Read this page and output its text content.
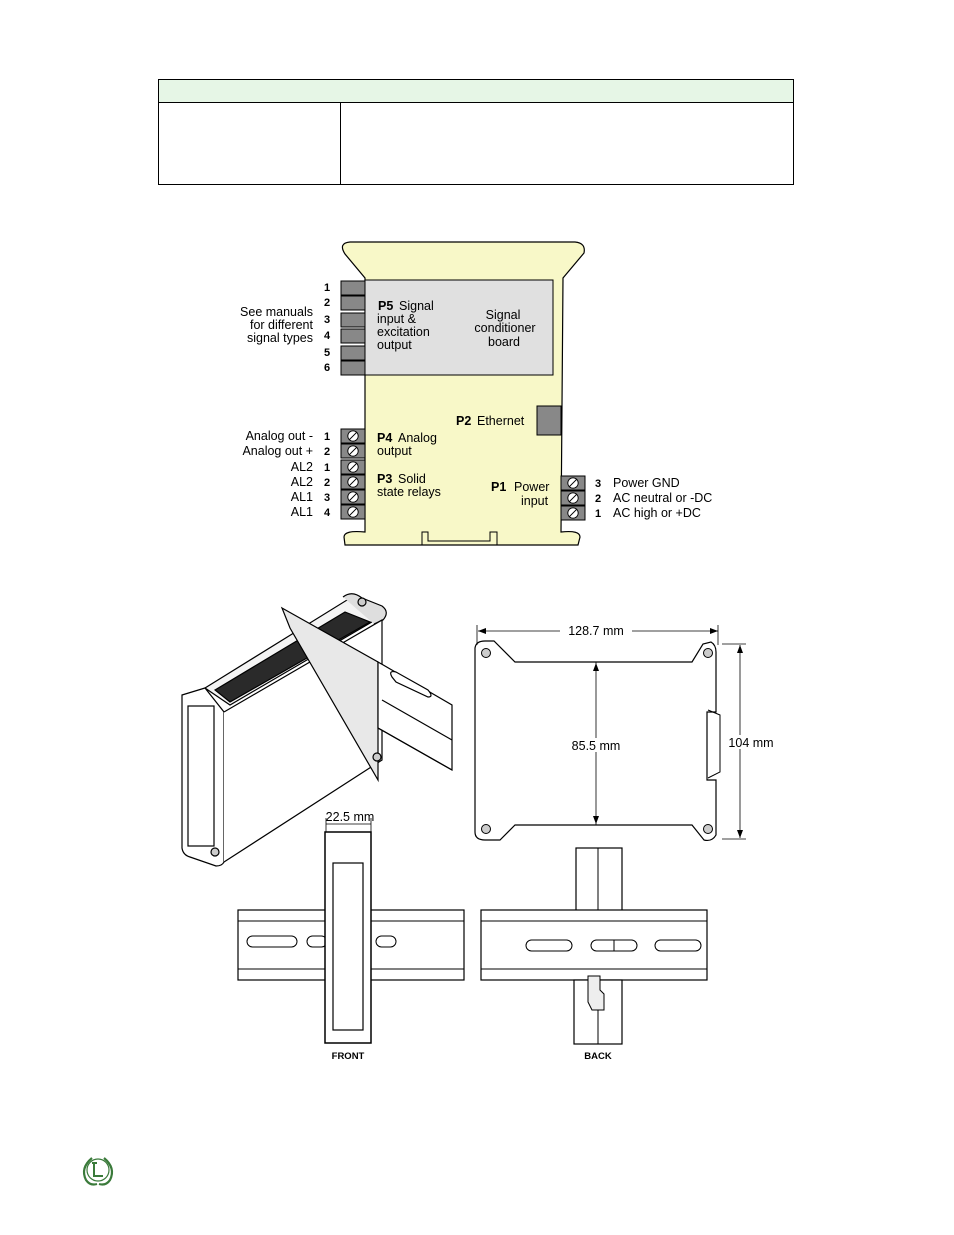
1
2
3
4
5
6
Analog out - 1
Analog out + 2
AL2 1
AL2 2
AL1 3
AL1 4
3 Power GND
2 AC neutral or -DC
1 AC high or +DC
See manuals
for different
signal types
P5 Signal
input &
excitation
output
Signal
conditioner
board
P2 Ethernet
P4 Analog
output
P3 Solid
state relays	P1 Power
input
128.7 mm
85.5 mm	104 mm
22.5 mm
FRONT	BACK
